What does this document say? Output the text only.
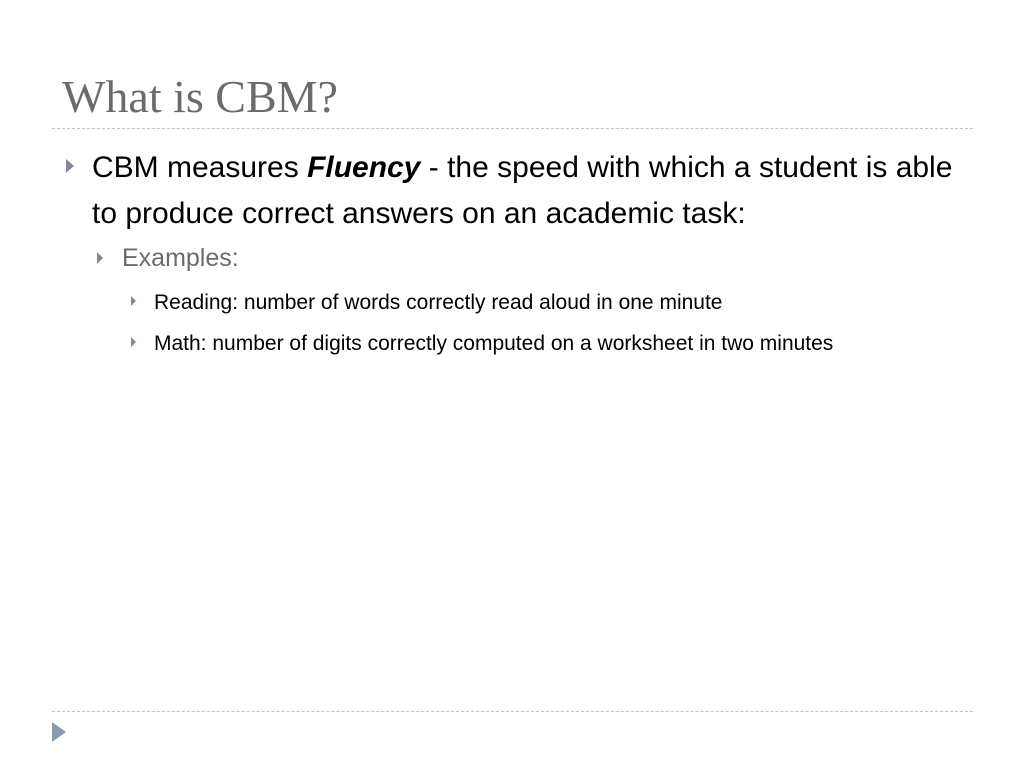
What is CBM?

CBM measures Fluency - the speed with which a student is able to produce correct answers on an academic task:

Examples:

Reading: number of words correctly read aloud in one minute

Math: number of digits correctly computed on a worksheet in two minutes
